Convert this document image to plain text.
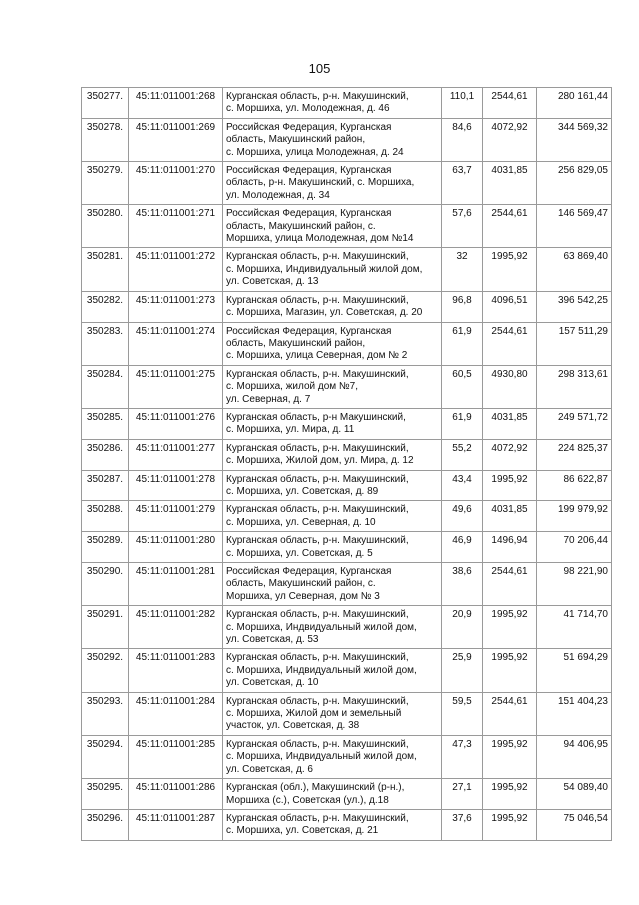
105
350277.	45:11:011001:268	Курганская область, р-н. Макушинский,
с. Моршиха, ул. Молодежная, д. 46	110,1	2544,61	280 161,44
350278.	45:11:011001:269	Российская Федерация, Курганская
область, Макушинский район,
с. Моршиха, улица Молодежная, д. 24	84,6	4072,92	344 569,32
350279.	45:11:011001:270	Российская Федерация, Курганская
область, р-н. Макушинский, с. Моршиха,
ул. Молодежная, д. 34	63,7	4031,85	256 829,05
350280.	45:11:011001:271	Российская Федерация, Курганская
область, Макушинский район, с.
Моршиха, улица Молодежная, дом №14	57,6	2544,61	146 569,47
350281.	45:11:011001:272	Курганская область, р-н. Макушинский,
с. Моршиха, Индивидуальный жилой дом,
ул. Советская, д. 13	32	1995,92	63 869,40
350282.	45:11:011001:273	Курганская область, р-н. Макушинский,
с. Моршиха, Магазин, ул. Советская, д. 20	96,8	4096,51	396 542,25
350283.	45:11:011001:274	Российская Федерация, Курганская
область, Макушинский район,
с. Моршиха, улица Северная, дом № 2	61,9	2544,61	157 511,29
350284.	45:11:011001:275	Курганская область, р-н. Макушинский,
с. Моршиха, жилой дом №7,
ул. Северная, д. 7	60,5	4930,80	298 313,61
350285.	45:11:011001:276	Курганская область, р-н Макушинский,
с. Моршиха, ул. Мира, д. 11	61,9	4031,85	249 571,72
350286.	45:11:011001:277	Курганская область, р-н. Макушинский,
с. Моршиха, Жилой дом, ул. Мира, д. 12	55,2	4072,92	224 825,37
350287.	45:11:011001:278	Курганская область, р-н. Макушинский,
с. Моршиха, ул. Советская, д. 89	43,4	1995,92	86 622,87
350288.	45:11:011001:279	Курганская область, р-н. Макушинский,
с. Моршиха, ул. Северная, д. 10	49,6	4031,85	199 979,92
350289.	45:11:011001:280	Курганская область, р-н. Макушинский,
с. Моршиха, ул. Советская, д. 5	46,9	1496,94	70 206,44
350290.	45:11:011001:281	Российская Федерация, Курганская
область, Макушинский район, с.
Моршиха, ул Северная, дом № 3	38,6	2544,61	98 221,90
350291.	45:11:011001:282	Курганская область, р-н. Макушинский,
с. Моршиха, Индвидуальный жилой дом,
ул. Советская, д. 53	20,9	1995,92	41 714,70
350292.	45:11:011001:283	Курганская область, р-н. Макушинский,
с. Моршиха, Индвидуальный жилой дом,
ул. Советская, д. 10	25,9	1995,92	51 694,29
350293.	45:11:011001:284	Курганская область, р-н. Макушинский,
с. Моршиха, Жилой дом и земельный
участок, ул. Советская, д. 38	59,5	2544,61	151 404,23
350294.	45:11:011001:285	Курганская область, р-н. Макушинский,
с. Моршиха, Индвидуальный жилой дом,
ул. Советская, д. 6	47,3	1995,92	94 406,95
350295.	45:11:011001:286	Курганская (обл.), Макушинский (р-н.),
Моршиха (с.), Советская (ул.), д.18	27,1	1995,92	54 089,40
350296.	45:11:011001:287	Курганская область, р-н. Макушинский,
с. Моршиха, ул. Советская, д. 21	37,6	1995,92	75 046,54
